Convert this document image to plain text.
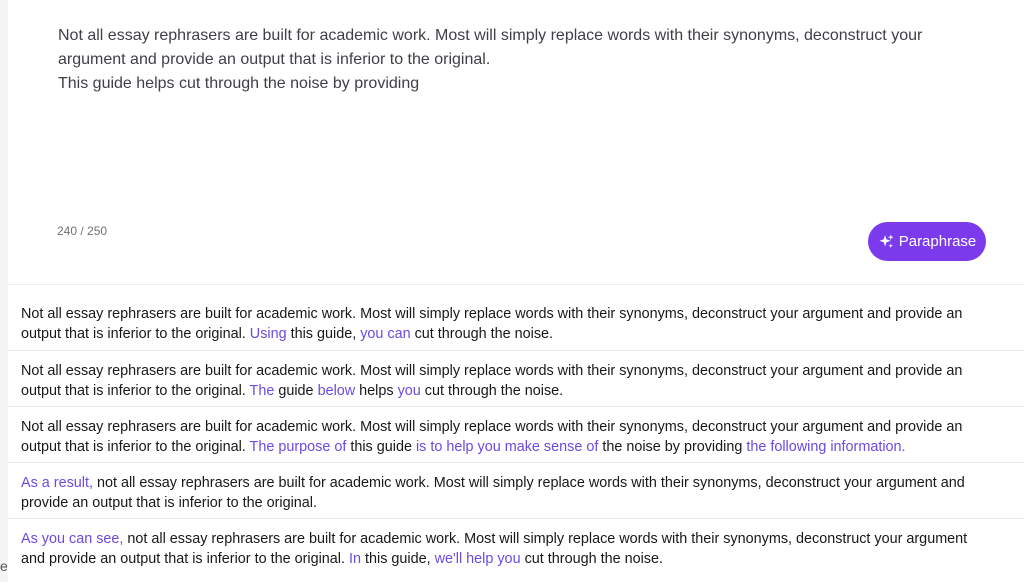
e
Not all essay rephrasers are built for academic work. Most will simply replace words with their synonyms, deconstruct your
argument and provide an output that is inferior to the original.
This guide helps cut through the noise by providing
240 / 250
Paraphrase
Not all essay rephrasers are built for academic work. Most will simply replace words with their synonyms, deconstruct your argument and provide an output that is inferior to the original. Using this guide, you can cut through the noise.
Not all essay rephrasers are built for academic work. Most will simply replace words with their synonyms, deconstruct your argument and provide an output that is inferior to the original. The guide below helps you cut through the noise.
Not all essay rephrasers are built for academic work. Most will simply replace words with their synonyms, deconstruct your argument and provide an output that is inferior to the original. The purpose of this guide is to help you make sense of the noise by providing the following information.
As a result, not all essay rephrasers are built for academic work. Most will simply replace words with their synonyms, deconstruct your argument and provide an output that is inferior to the original.
As you can see, not all essay rephrasers are built for academic work. Most will simply replace words with their synonyms, deconstruct your argument and provide an output that is inferior to the original. In this guide, we'll help you cut through the noise.
